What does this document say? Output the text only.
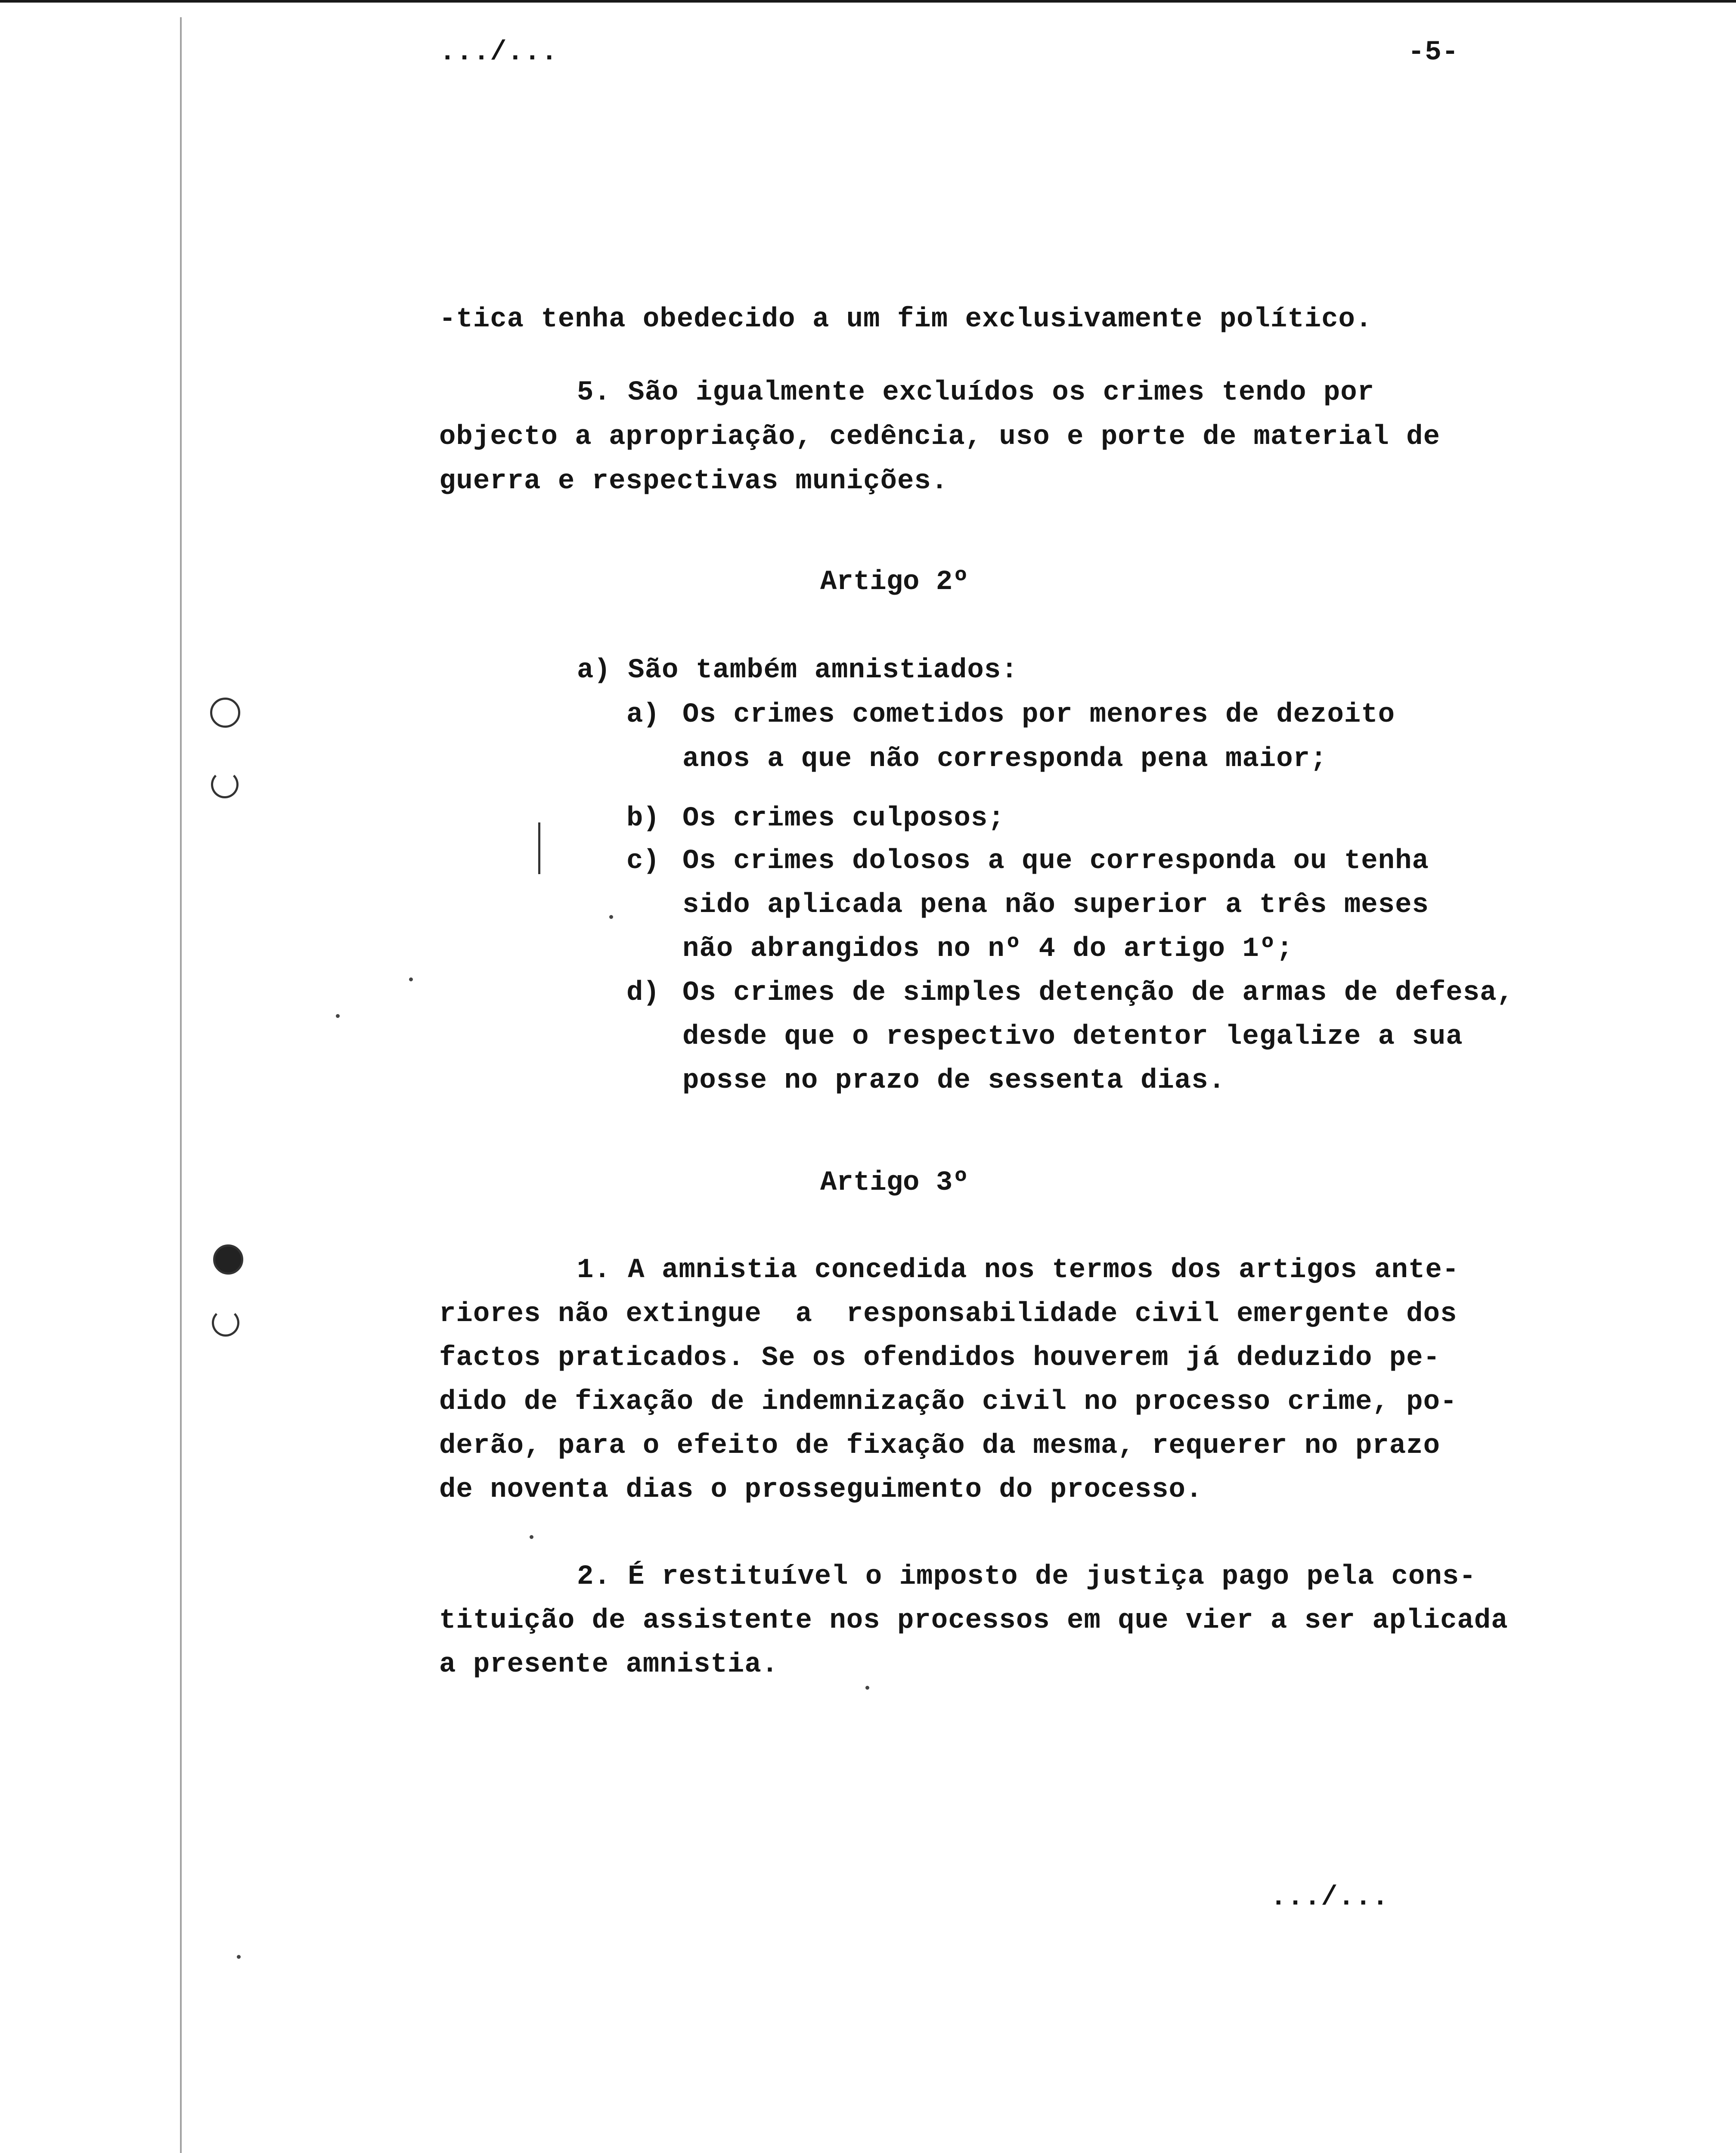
.../...	-5-
-tica tenha obedecido a um fim exclusivamente político.
5. São igualmente excluídos os crimes tendo por
objecto a apropriação, cedência, uso e porte de material de
guerra e respectivas munições.
Artigo 2º
a) São também amnistiados:
a) Os crimes cometidos por menores de dezoito
anos a que não corresponda pena maior;
b) Os crimes culposos;
c) Os crimes dolosos a que corresponda ou tenha
sido aplicada pena não superior a três meses
não abrangidos no nº 4 do artigo 1º;
d) Os crimes de simples detenção de armas de defesa,
desde que o respectivo detentor legalize a sua
posse no prazo de sessenta dias.
Artigo 3º
1. A amnistia concedida nos termos dos artigos ante-
riores não extingue  a  responsabilidade civil emergente dos
factos praticados. Se os ofendidos houverem já deduzido pe-
dido de fixação de indemnização civil no processo crime, po-
derão, para o efeito de fixação da mesma, requerer no prazo
de noventa dias o prosseguimento do processo.
2. É restituível o imposto de justiça pago pela cons-
tituição de assistente nos processos em que vier a ser aplicada
a presente amnistia.
.../...
